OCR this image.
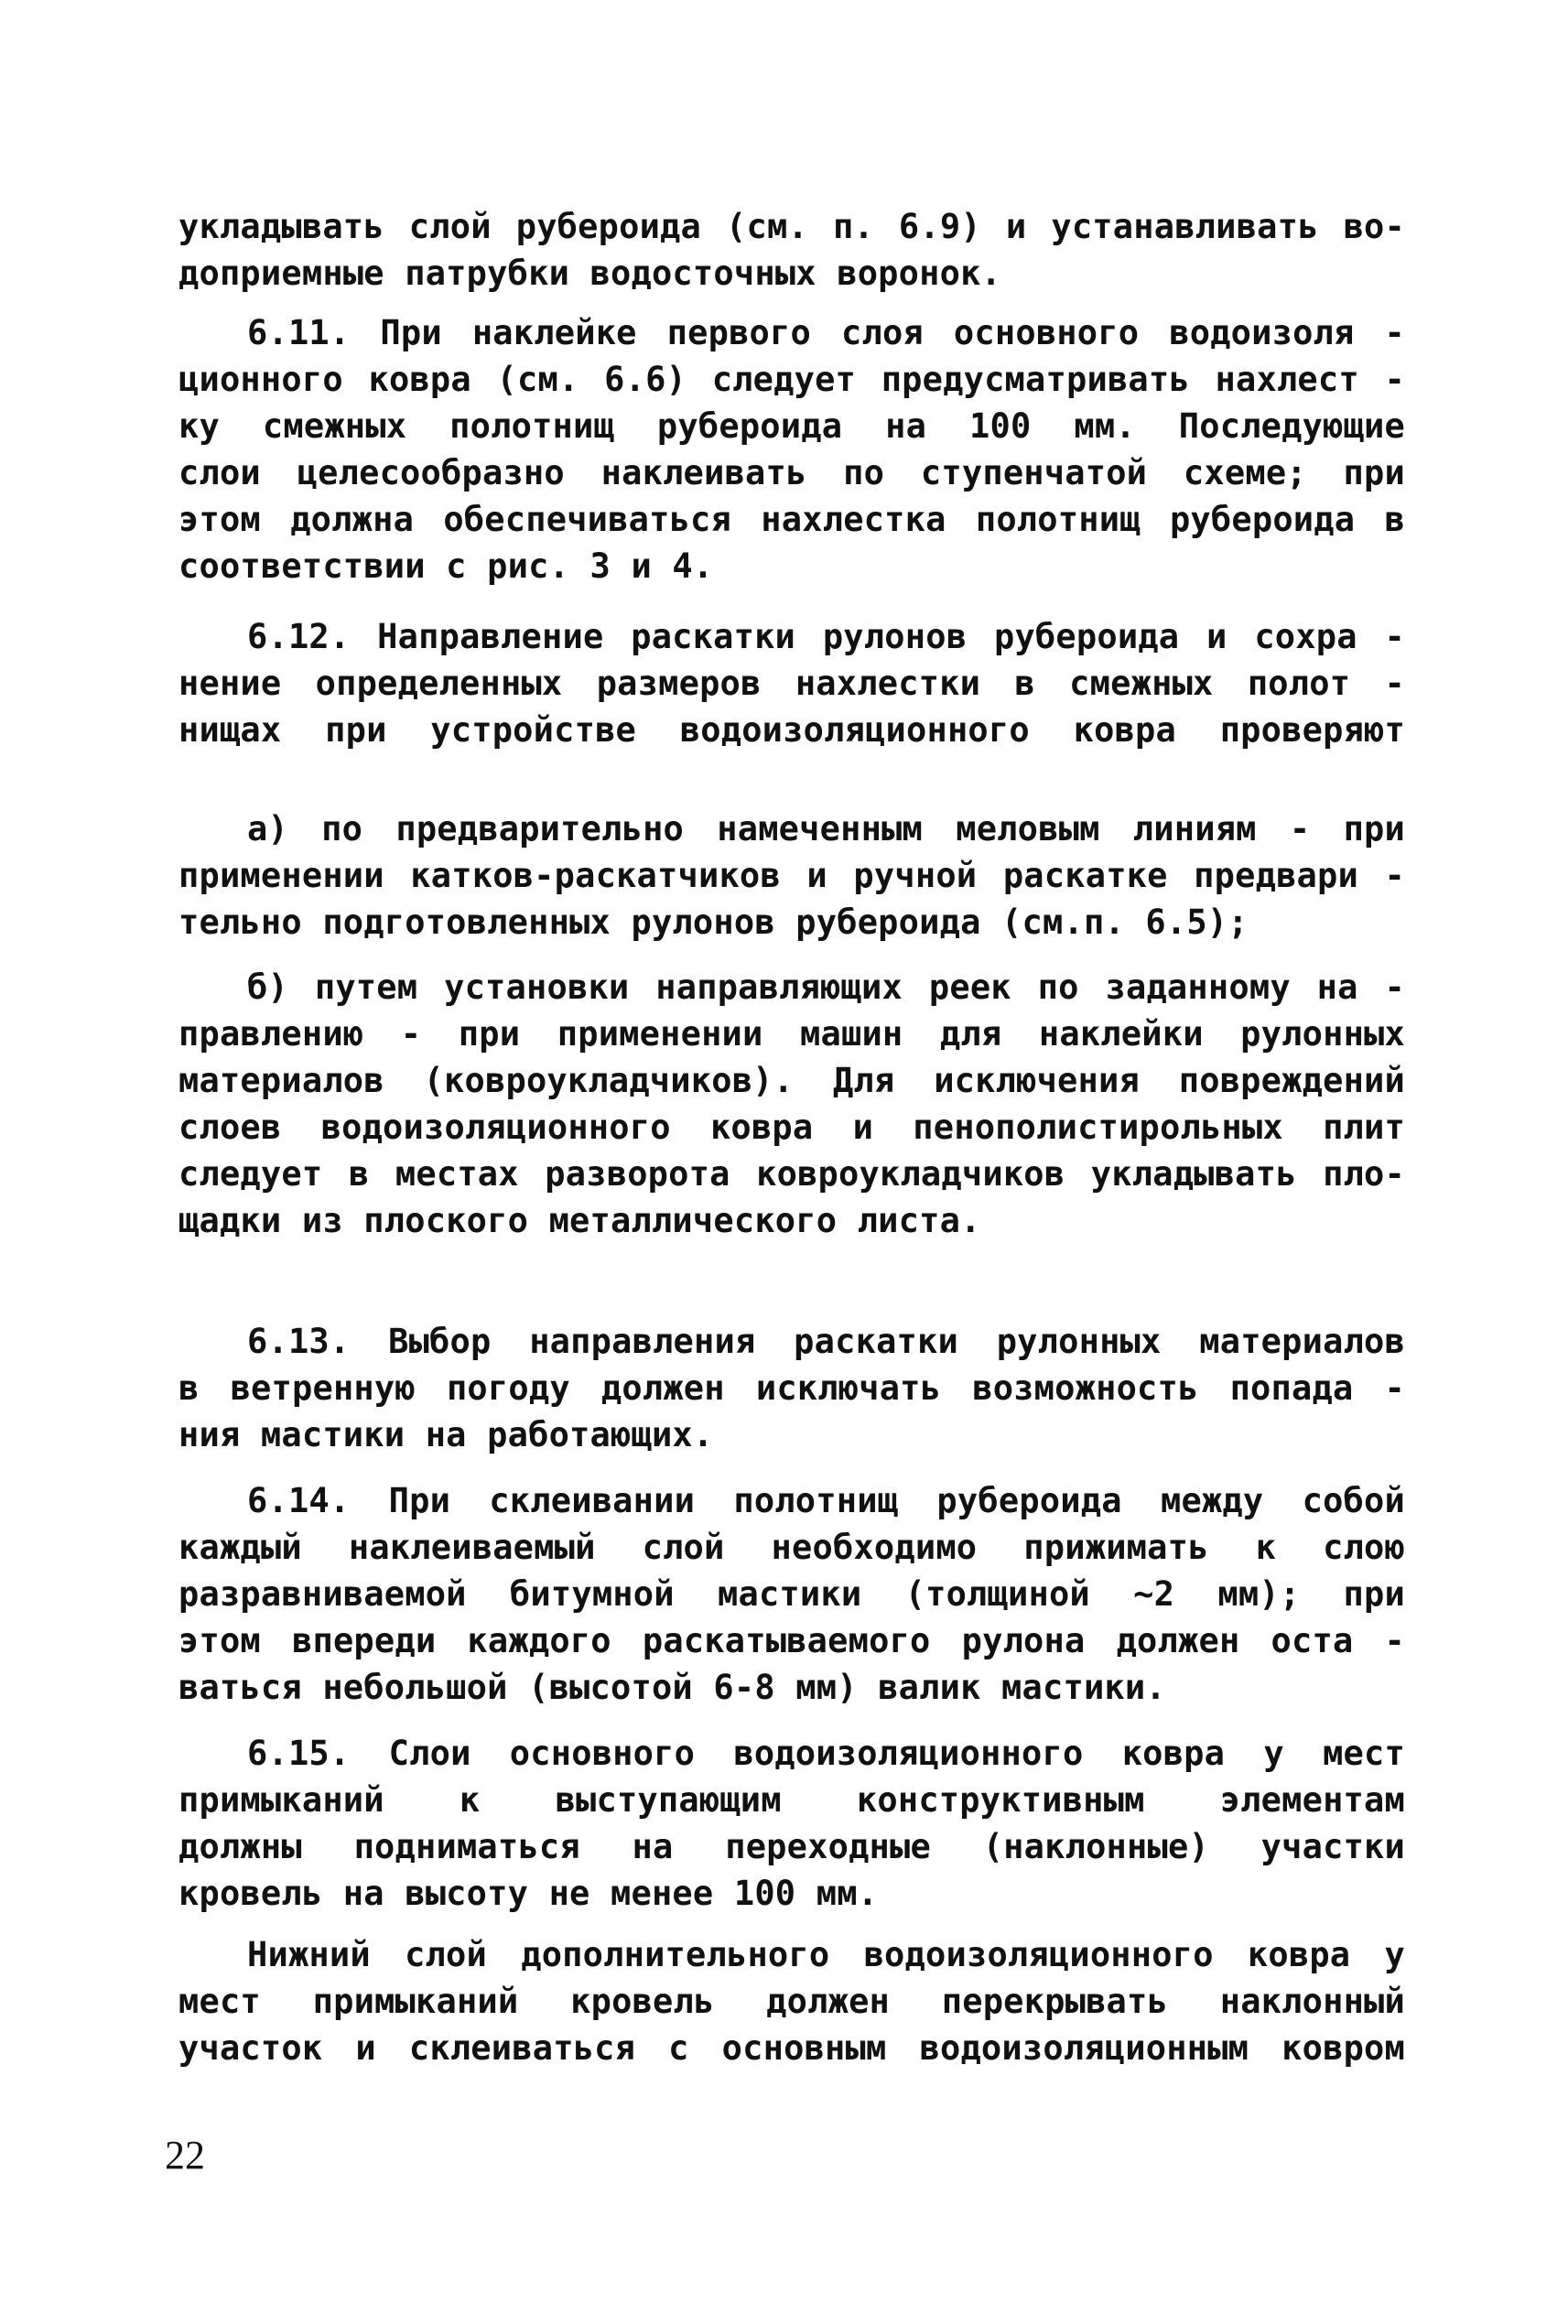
укладывать слой рубероида (см. п. 6.9) и устанавливать во-
доприемные патрубки водосточных воронок.
6.11. При наклейке первого слоя основного водоизоля -
ционного ковра (см. 6.6) следует предусматривать нахлест -
ку смежных полотнищ рубероида на 100 мм. Последующие
слои целесообразно наклеивать по ступенчатой схеме; при
этом должна обеспечиваться нахлестка полотнищ рубероида в
соответствии с рис. 3 и 4.
6.12. Направление раскатки рулонов рубероида и сохра -
нение определенных размеров нахлестки в смежных полот -
нищах при устройстве водоизоляционного ковра проверяют
а) по предварительно намеченным меловым линиям - при
применении катков-раскатчиков и ручной раскатке предвари -
тельно подготовленных рулонов рубероида (см.п. 6.5);
б) путем установки направляющих реек по заданному на -
правлению - при применении машин для наклейки рулонных
материалов (ковроукладчиков). Для исключения повреждений
слоев водоизоляционного ковра и пенополистирольных плит
следует в местах разворота ковроукладчиков укладывать пло-
щадки из плоского металлического листа.
6.13. Выбор направления раскатки рулонных материалов
в ветренную погоду должен исключать возможность попада -
ния мастики на работающих.
6.14. При склеивании полотнищ рубероида между собой
каждый наклеиваемый слой необходимо прижимать к слою
разравниваемой битумной мастики (толщиной ~2 мм); при
этом впереди каждого раскатываемого рулона должен оста -
ваться небольшой (высотой 6-8 мм) валик мастики.
6.15. Слои основного водоизоляционного ковра у мест
примыканий к выступающим конструктивным элементам
должны подниматься на переходные (наклонные) участки
кровель на высоту не менее 100 мм.
Нижний слой дополнительного водоизоляционного ковра у
мест примыканий кровель должен перекрывать наклонный
участок и склеиваться с основным водоизоляционным ковром
22
